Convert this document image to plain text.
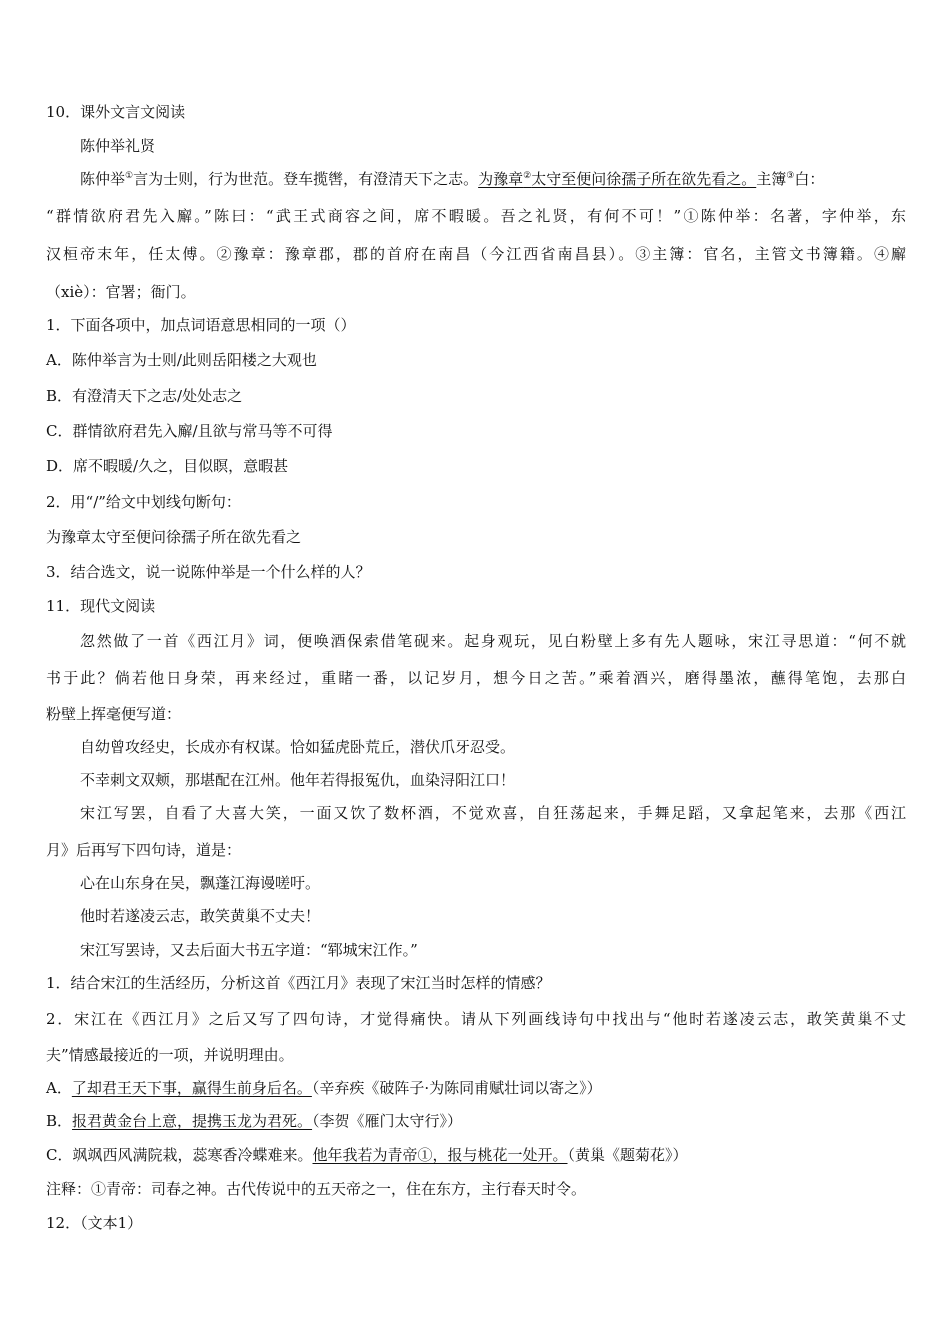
10．课外文言文阅读
陈仲举礼贤
陈仲举①言为士则，行为世范。登车揽辔，有澄清天下之志。为豫章②太守至便问徐孺子所在欲先看之。主簿③白：
“群情欲府君先入廨。”陈曰：“武王式商容之间，席不暇暖。吾之礼贤，有何不可！”①陈仲举：名著，字仲举，东
汉桓帝末年，任太傅。②豫章：豫章郡，郡的首府在南昌（今江西省南昌县）。③主簿：官名，主管文书簿籍。④廨
（xiè）：官署；衙门。
1．下面各项中，加点词语意思相同的一项（）
A．陈仲举言为士则/此则岳阳楼之大观也
B．有澄清天下之志/处处志之
C．群情欲府君先入廨/且欲与常马等不可得
D．席不暇暖/久之，目似瞑，意暇甚
2．用“/”给文中划线句断句：
为豫章太守至便问徐孺子所在欲先看之
3．结合选文，说一说陈仲举是一个什么样的人？
11．现代文阅读
忽然做了一首《西江月》词，便唤酒保索借笔砚来。起身观玩，见白粉壁上多有先人题咏，宋江寻思道：“何不就
书于此？倘若他日身荣，再来经过，重睹一番，以记岁月，想今日之苦。”乘着酒兴，磨得墨浓，蘸得笔饱，去那白
粉壁上挥毫便写道：
自幼曾攻经史，长成亦有权谋。恰如猛虎卧荒丘，潜伏爪牙忍受。
不幸刺文双颊，那堪配在江州。他年若得报冤仇，血染浔阳江口！
宋江写罢，自看了大喜大笑，一面又饮了数杯酒，不觉欢喜，自狂荡起来，手舞足蹈，又拿起笔来，去那《西江
月》后再写下四句诗，道是：
心在山东身在吴，飘蓬江海谩嗟吁。
他时若遂凌云志，敢笑黄巢不丈夫！
宋江写罢诗，又去后面大书五字道：“郓城宋江作。”
1．结合宋江的生活经历，分析这首《西江月》表现了宋江当时怎样的情感？
2．宋江在《西江月》之后又写了四句诗，才觉得痛快。请从下列画线诗句中找出与“他时若遂凌云志，敢笑黄巢不丈
夫”情感最接近的一项，并说明理由。
A．了却君王天下事，赢得生前身后名。（辛弃疾《破阵子·为陈同甫赋壮词以寄之》）
B．报君黄金台上意，提携玉龙为君死。（李贺《雁门太守行》）
C．飒飒西风满院栽，蕊寒香冷蝶难来。他年我若为青帝①，报与桃花一处开。（黄巢《题菊花》）
注释：①青帝：司春之神。古代传说中的五天帝之一，住在东方，主行春天时令。
12．（文本1）
